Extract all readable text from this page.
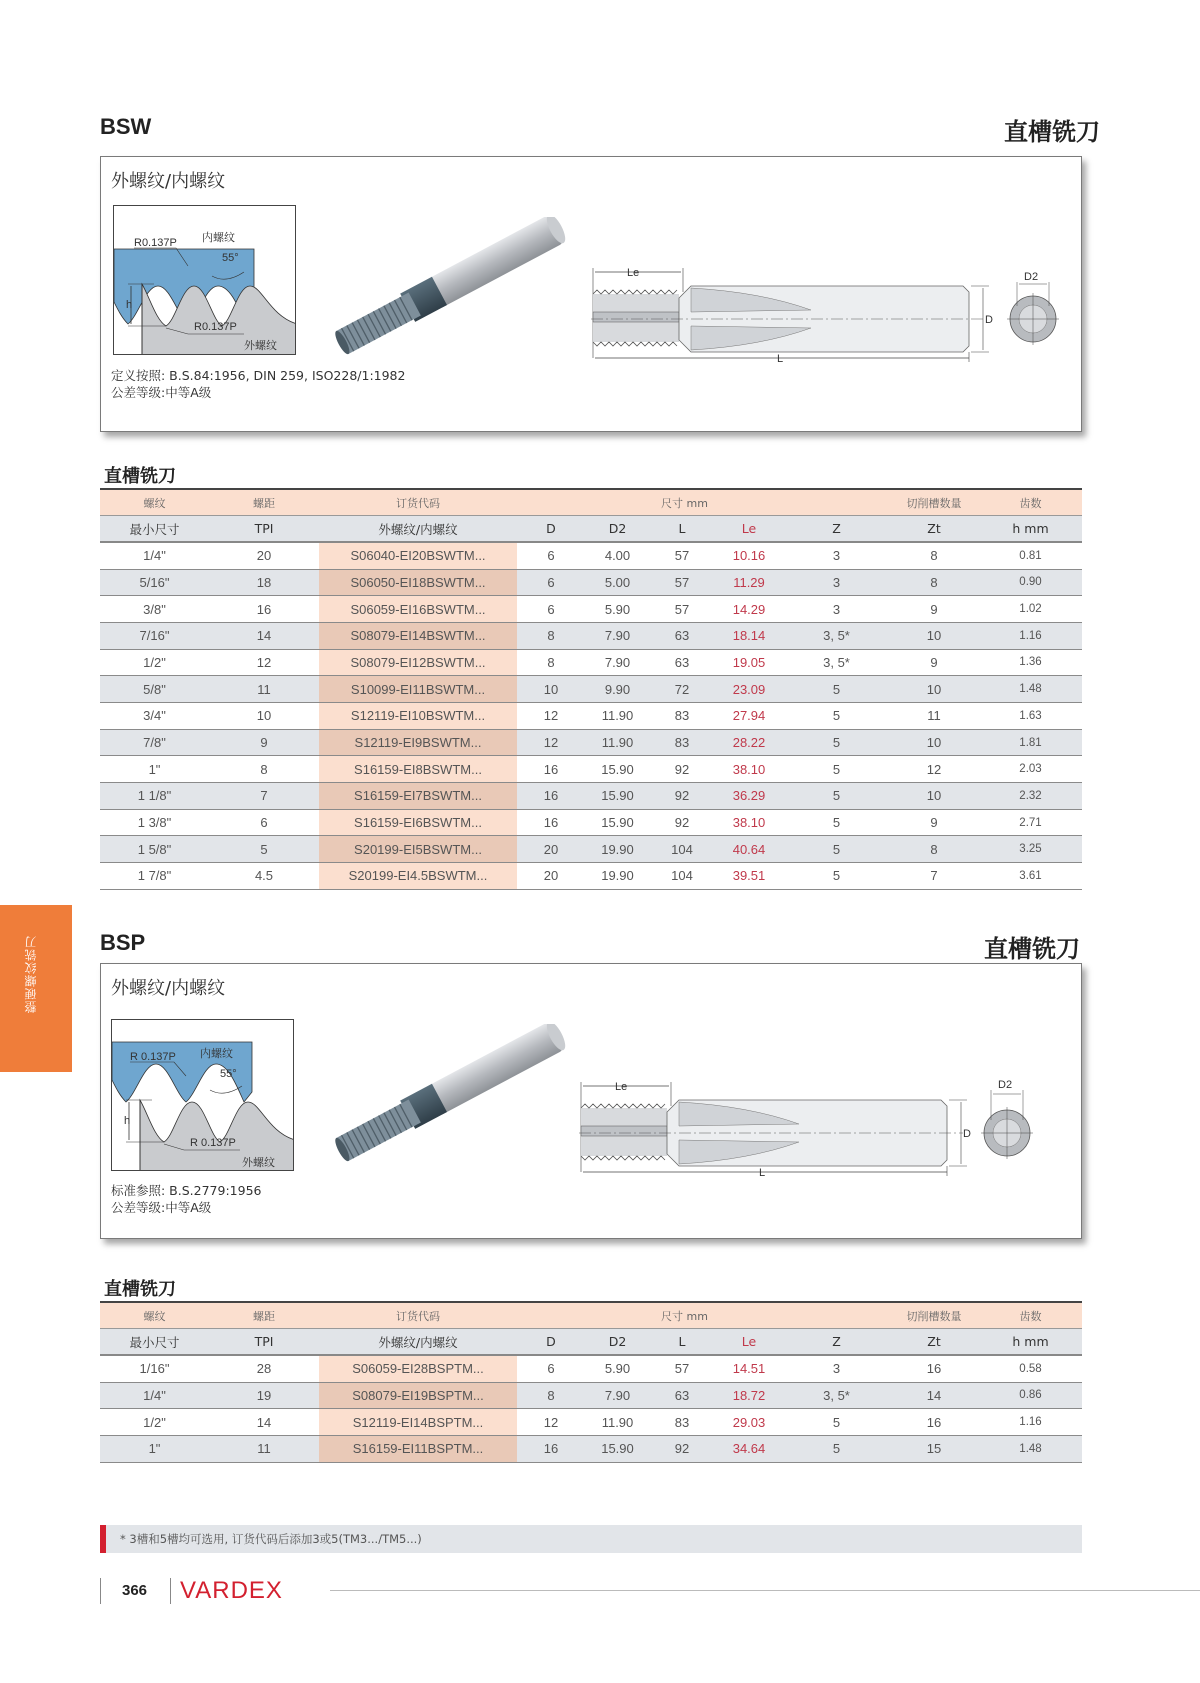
整硬螺纹铣刀
BSW	直槽铣刀
外螺纹/内螺纹
h
R0.137P 内螺纹
55°
R0.137P
外螺纹
Le
D
L
D2
定义按照: B.S.84:1956, DIN 259, ISO228/1:1982
公差等级:中等A级
直槽铣刀
螺纹	螺距	订货代码		尺寸 mm				切削槽数量	齿数	
最小尺寸	TPI	外螺纹/内螺纹	D	D2	L	Le	Z	Zt	h mm	
1/4"	20	S06040-EI20BSWTM...	6	4.00	57	10.16	3	8	0.81	
5/16"	18	S06050-EI18BSWTM...	6	5.00	57	11.29	3	8	0.90	
3/8"	16	S06059-EI16BSWTM...	6	5.90	57	14.29	3	9	1.02	
7/16"	14	S08079-EI14BSWTM...	8	7.90	63	18.14	3, 5*	10	1.16	
1/2"	12	S08079-EI12BSWTM...	8	7.90	63	19.05	3, 5*	9	1.36	
5/8"	11	S10099-EI11BSWTM...	10	9.90	72	23.09	5	10	1.48	
3/4"	10	S12119-EI10BSWTM...	12	11.90	83	27.94	5	11	1.63	
7/8"	9	S12119-EI9BSWTM...	12	11.90	83	28.22	5	10	1.81	
1"	8	S16159-EI8BSWTM...	16	15.90	92	38.10	5	12	2.03	
1 1/8"	7	S16159-EI7BSWTM...	16	15.90	92	36.29	5	10	2.32	
1 3/8"	6	S16159-EI6BSWTM...	16	15.90	92	38.10	5	9	2.71	
1 5/8"	5	S20199-EI5BSWTM...	20	19.90	104	40.64	5	8	3.25	
1 7/8"	4.5	S20199-EI4.5BSWTM...	20	19.90	104	39.51	5	7	3.61	
BSP	直槽铣刀
外螺纹/内螺纹
h
R 0.137P 内螺纹
55°
R 0.137P
外螺纹
Le
D
L
D2
标准参照: B.S.2779:1956
公差等级:中等A级
直槽铣刀
螺纹	螺距	订货代码		尺寸 mm				切削槽数量	齿数	
最小尺寸	TPI	外螺纹/内螺纹	D	D2	L	Le	Z	Zt	h mm	
1/16"	28	S06059-EI28BSPTM...	6	5.90	57	14.51	3	16	0.58	
1/4"	19	S08079-EI19BSPTM...	8	7.90	63	18.72	3, 5*	14	0.86	
1/2"	14	S12119-EI14BSPTM...	12	11.90	83	29.03	5	16	1.16	
1"	11	S16159-EI11BSPTM...	16	15.90	92	34.64	5	15	1.48	
* 3槽和5槽均可选用, 订货代码后添加3或5(TM3.../TM5...)
366 VARDEX
